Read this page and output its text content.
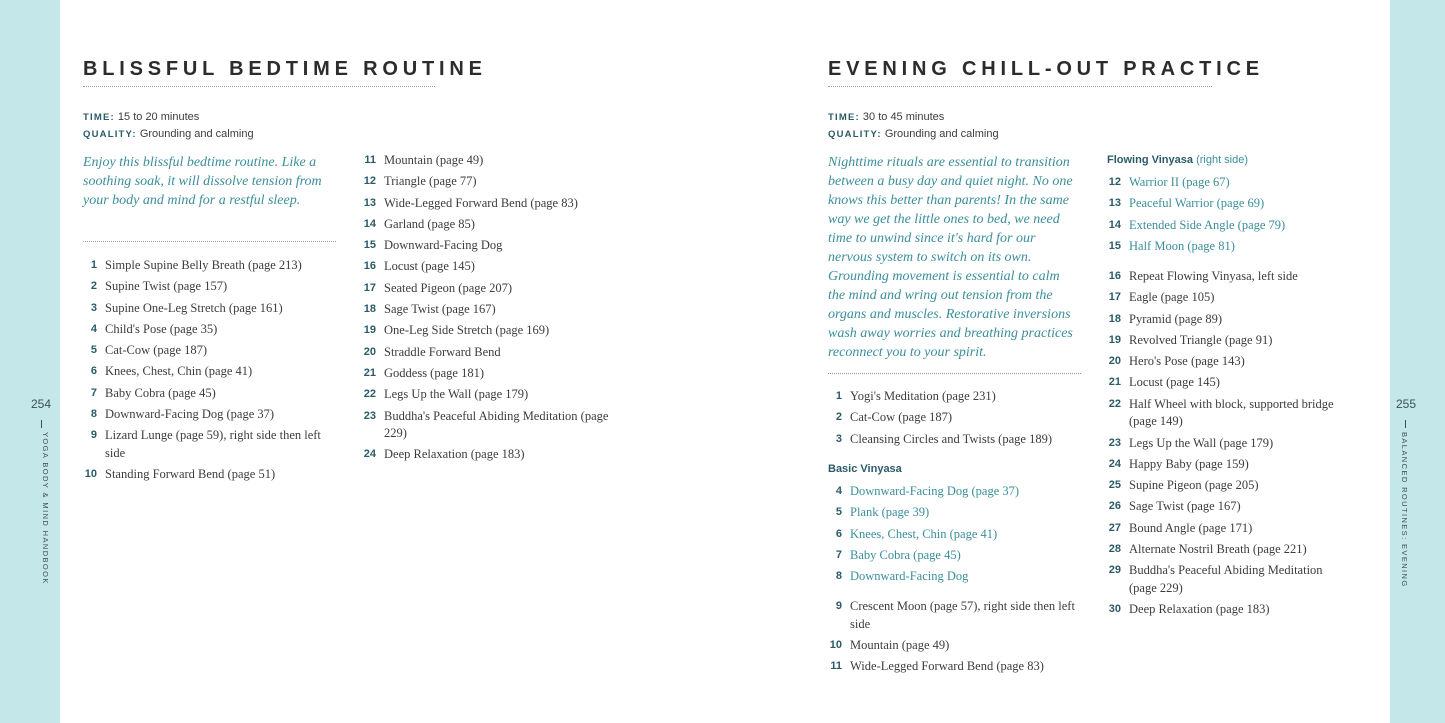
254
YOGA BODY & MIND HANDBOOK
255
BALANCED ROUTINES: EVENING
BLISSFUL BEDTIME ROUTINE
TIME: 15 to 20 minutes
QUALITY: Grounding and calming

Enjoy this blissful bedtime routine. Like a soothing soak, it will dissolve tension from your body and mind for a restful sleep.

1 Simple Supine Belly Breath (page 213)
2 Supine Twist (page 157)
3 Supine One-Leg Stretch (page 161)
4 Child's Pose (page 35)
5 Cat-Cow (page 187)
6 Knees, Chest, Chin (page 41)
7 Baby Cobra (page 45)
8 Downward-Facing Dog (page 37)
9 Lizard Lunge (page 59), right side then left side
10 Standing Forward Bend (page 51)
11 Mountain (page 49)
12 Triangle (page 77)
13 Wide-Legged Forward Bend (page 83)
14 Garland (page 85)
15 Downward-Facing Dog
16 Locust (page 145)
17 Seated Pigeon (page 207)
18 Sage Twist (page 167)
19 One-Leg Side Stretch (page 169)
20 Straddle Forward Bend
21 Goddess (page 181)
22 Legs Up the Wall (page 179)
23 Buddha's Peaceful Abiding Meditation (page 229)
24 Deep Relaxation (page 183)
EVENING CHILL-OUT PRACTICE
TIME: 30 to 45 minutes
QUALITY: Grounding and calming

Nighttime rituals are essential to transition between a busy day and quiet night. No one knows this better than parents! In the same way we get the little ones to bed, we need time to unwind since it's hard for our nervous system to switch on its own. Grounding movement is essential to calm the mind and wring out tension from the organs and muscles. Restorative inversions wash away worries and breathing practices reconnect you to your spirit.

1 Yogi's Meditation (page 231)
2 Cat-Cow (page 187)
3 Cleansing Circles and Twists (page 189)
Basic Vinyasa
4 Downward-Facing Dog (page 37)
5 Plank (page 39)
6 Knees, Chest, Chin (page 41)
7 Baby Cobra (page 45)
8 Downward-Facing Dog
9 Crescent Moon (page 57), right side then left side
10 Mountain (page 49)
11 Wide-Legged Forward Bend (page 83)
Flowing Vinyasa (right side)
12 Warrior II (page 67)
13 Peaceful Warrior (page 69)
14 Extended Side Angle (page 79)
15 Half Moon (page 81)
16 Repeat Flowing Vinyasa, left side
17 Eagle (page 105)
18 Pyramid (page 89)
19 Revolved Triangle (page 91)
20 Hero's Pose (page 143)
21 Locust (page 145)
22 Half Wheel with block, supported bridge (page 149)
23 Legs Up the Wall (page 179)
24 Happy Baby (page 159)
25 Supine Pigeon (page 205)
26 Sage Twist (page 167)
27 Bound Angle (page 171)
28 Alternate Nostril Breath (page 221)
29 Buddha's Peaceful Abiding Meditation (page 229)
30 Deep Relaxation (page 183)
